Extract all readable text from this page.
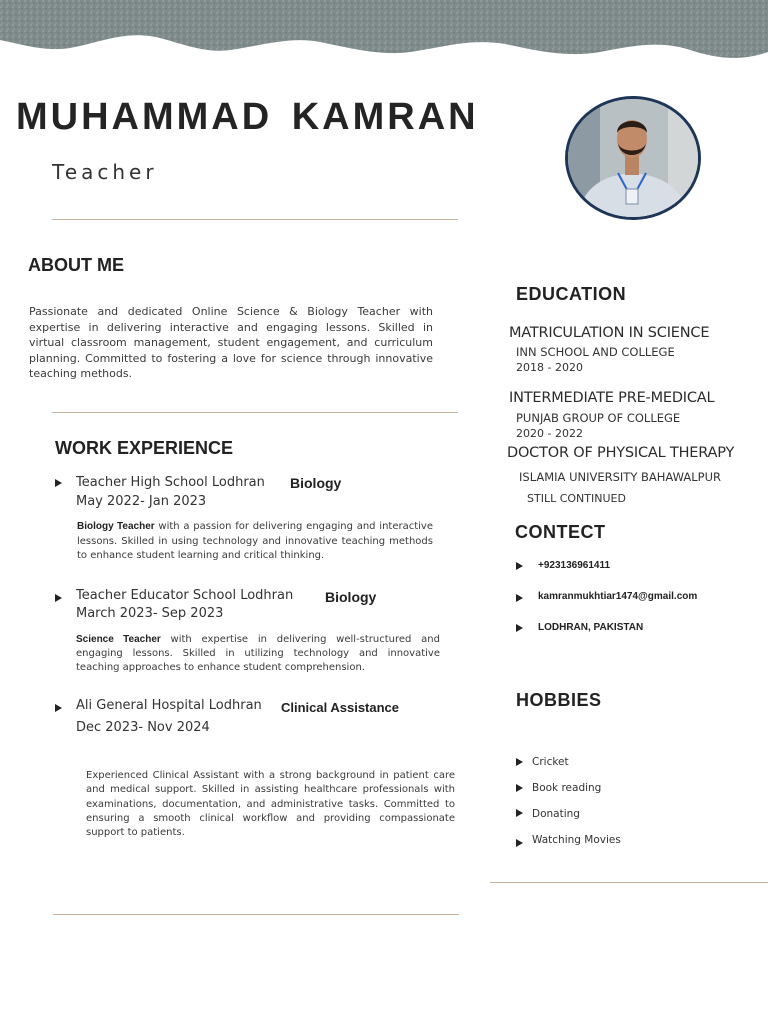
MUHAMMAD KAMRAN
Teacher
ABOUT ME

Passionate and dedicated Online Science & Biology Teacher with expertise in delivering interactive and engaging lessons. Skilled in virtual classroom management, student engagement, and curriculum planning. Committed to fostering a love for science through innovative teaching methods.

WORK EXPERIENCE
Teacher High School Lodhran Biology
May 2022- Jan 2023

Biology Teacher with a passion for delivering engaging and interactive lessons. Skilled in using technology and innovative teaching methods to enhance student learning and critical thinking.

Teacher Educator School Lodhran Biology
March 2023- Sep 2023

Science Teacher with expertise in delivering well-structured and engaging lessons. Skilled in utilizing technology and innovative teaching approaches to enhance student comprehension.

Ali General Hospital Lodhran Clinical Assistance
Dec 2023- Nov 2024

Experienced Clinical Assistant with a strong background in patient care and medical support. Skilled in assisting healthcare professionals with examinations, documentation, and administrative tasks. Committed to ensuring a smooth clinical workflow and providing compassionate support to patients.

EDUCATION
MATRICULATION IN SCIENCE
INN SCHOOL AND COLLEGE
2018 - 2020
INTERMEDIATE PRE-MEDICAL
PUNJAB GROUP OF COLLEGE
2020 - 2022
DOCTOR OF PHYSICAL THERAPY
ISLAMIA UNIVERSITY BAHAWALPUR
STILL CONTINUED
CONTECT
+923136961411
kamranmukhtiar1474@gmail.com
LODHRAN, PAKISTAN
HOBBIES
Cricket
Book reading
Donating
Watching Movies
